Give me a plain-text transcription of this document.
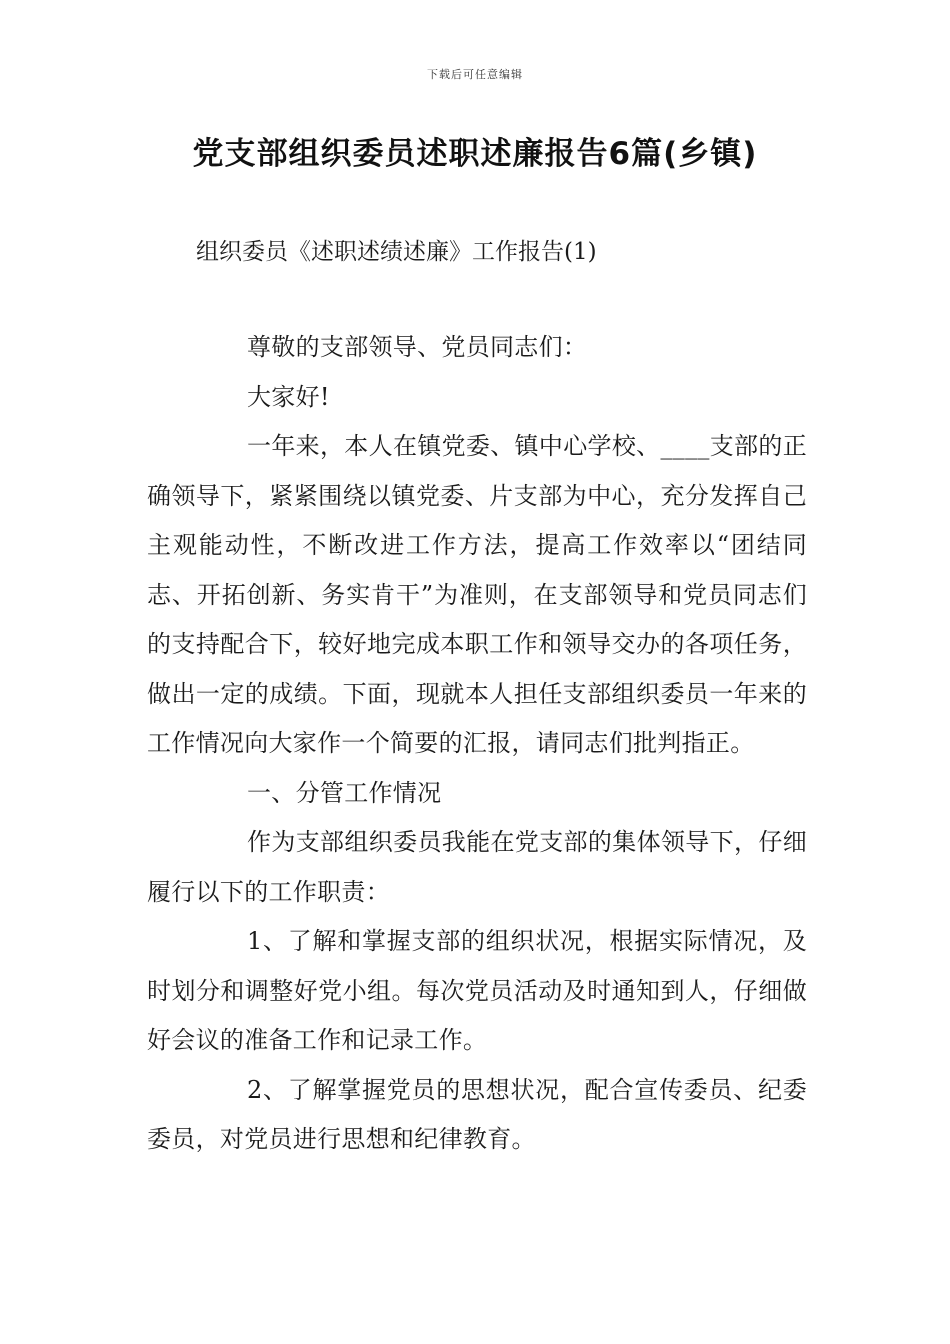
下载后可任意编辑
党支部组织委员述职述廉报告6篇(乡镇)
组织委员《述职述绩述廉》工作报告(1)

尊敬的支部领导、党员同志们：

大家好!

一年来，本人在镇党委、镇中心学校、____支部的正确领导下，紧紧围绕以镇党委、片支部为中心，充分发挥自己主观能动性，不断改进工作方法，提高工作效率以“团结同志、开拓创新、务实肯干”为准则，在支部领导和党员同志们的支持配合下，较好地完成本职工作和领导交办的各项任务，做出一定的成绩。下面，现就本人担任支部组织委员一年来的工作情况向大家作一个简要的汇报，请同志们批判指正。

一、分管工作情况

作为支部组织委员我能在党支部的集体领导下，仔细履行以下的工作职责：

1、了解和掌握支部的组织状况，根据实际情况，及时划分和调整好党小组。每次党员活动及时通知到人，仔细做好会议的准备工作和记录工作。

2、了解掌握党员的思想状况，配合宣传委员、纪委委员，对党员进行思想和纪律教育。
